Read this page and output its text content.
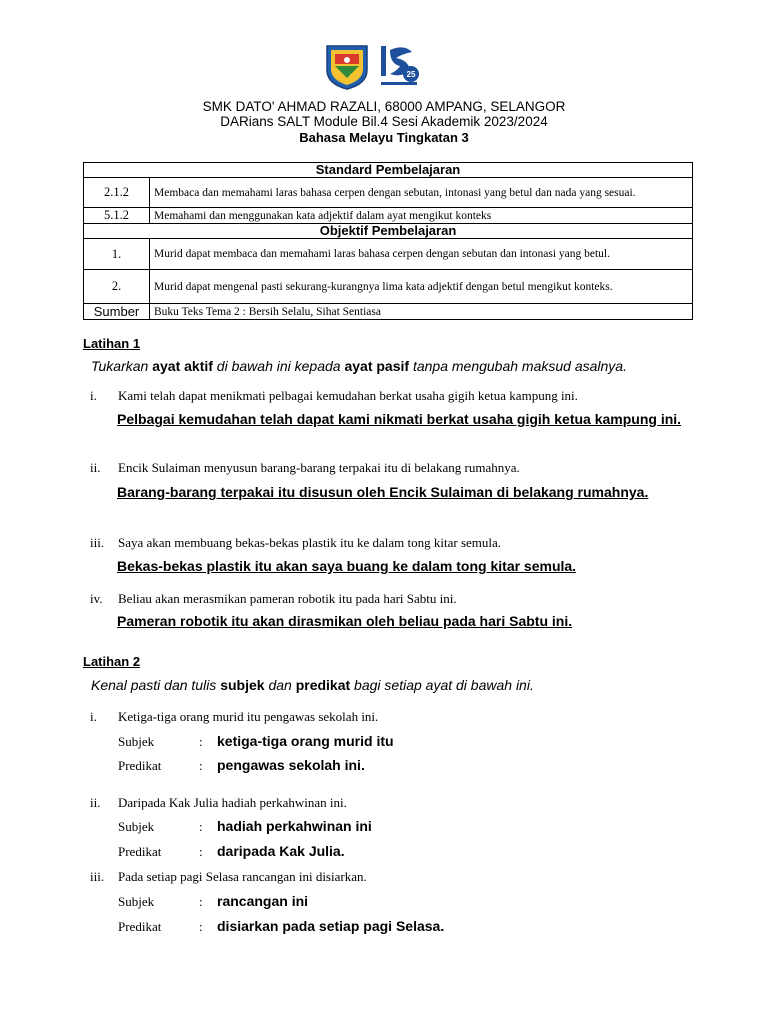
25
SMK DATO' AHMAD RAZALI, 68000 AMPANG, SELANGOR
DARians SALT Module Bil.4 Sesi Akademik 2023/2024
Bahasa Melayu Tingkatan 3
Standard Pembelajaran	
2.1.2	Membaca dan memahami laras bahasa cerpen dengan sebutan, intonasi yang betul dan nada yang sesuai.
5.1.2	Memahami dan menggunakan kata adjektif dalam ayat mengikut konteks
Objektif Pembelajaran	
1.	Murid dapat membaca dan memahami laras bahasa cerpen dengan sebutan dan intonasi yang betul.
2.	Murid dapat mengenal pasti sekurang-kurangnya lima kata adjektif dengan betul mengikut konteks.
Sumber	Buku Teks Tema 2 : Bersih Selalu, Sihat Sentiasa
Latihan 1
Tukarkan ayat aktif di bawah ini kepada ayat pasif tanpa mengubah maksud asalnya.
i. Kami telah dapat menikmati pelbagai kemudahan berkat usaha gigih ketua kampung ini.
Pelbagai kemudahan telah dapat kami nikmati berkat usaha gigih ketua kampung ini.
ii. Encik Sulaiman menyusun barang-barang terpakai itu di belakang rumahnya.
Barang-barang terpakai itu disusun oleh Encik Sulaiman di belakang rumahnya.
iii. Saya akan membuang bekas-bekas plastik itu ke dalam tong kitar semula.
Bekas-bekas plastik itu akan saya buang ke dalam tong kitar semula.
iv. Beliau akan merasmikan pameran robotik itu pada hari Sabtu ini.
Pameran robotik itu akan dirasmikan oleh beliau pada hari Sabtu ini.
Latihan 2
Kenal pasti dan tulis subjek dan predikat bagi setiap ayat di bawah ini.
i. Ketiga-tiga orang murid itu pengawas sekolah ini.
Subjek	: ketiga-tiga orang murid itu
Predikat	: pengawas sekolah ini.
ii. Daripada Kak Julia hadiah perkahwinan ini.
Subjek	: hadiah perkahwinan ini
Predikat	: daripada Kak Julia.
iii. Pada setiap pagi Selasa rancangan ini disiarkan.
Subjek	: rancangan ini
Predikat	: disiarkan pada setiap pagi Selasa.
